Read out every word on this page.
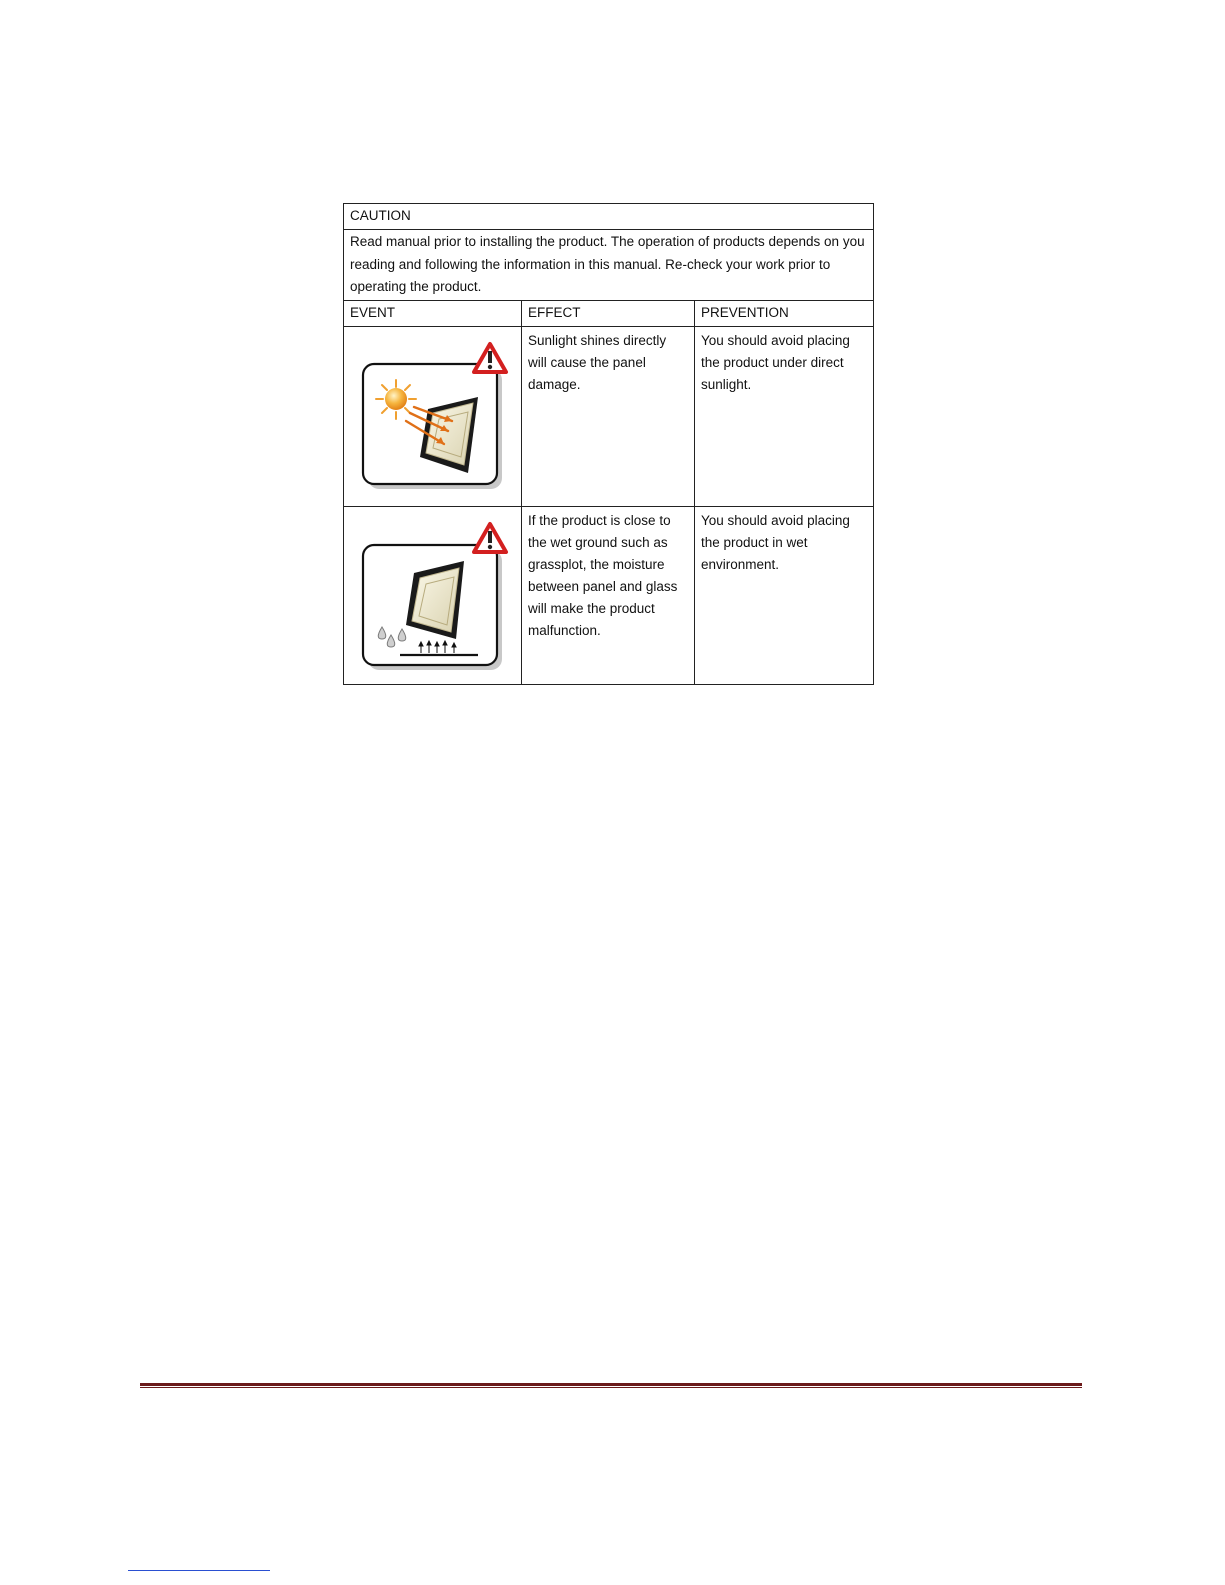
CAUTION		
Read manual prior to installing the product. The operation of products depends on you reading and following the information in this manual. Re-check your work prior to operating the product.		
EVENT	EFFECT	PREVENTION

	Sunlight shines directly will cause the panel damage.	You should avoid placing the product under direct sunlight.

	If the product is close to the wet ground such as grassplot, the moisture between panel and glass will make the product malfunction.	You should avoid placing the product in wet environment.
